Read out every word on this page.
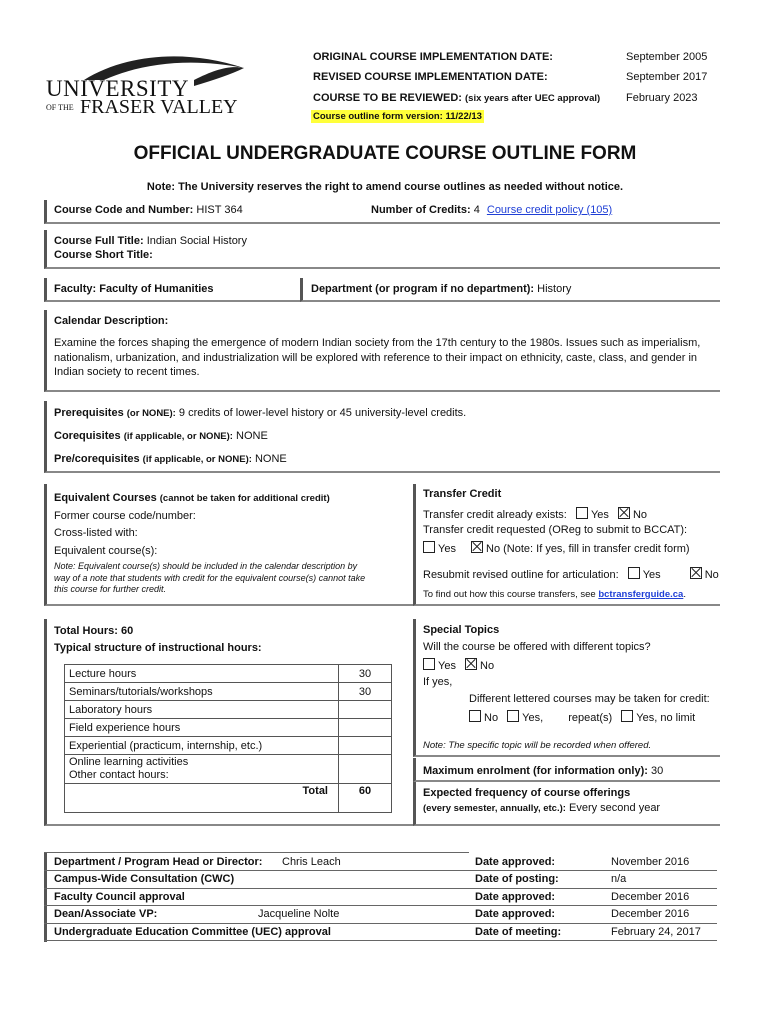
UNIVERSITY
OF THE FRASER VALLEY
ORIGINAL COURSE IMPLEMENTATION DATE:	September 2005
REVISED COURSE IMPLEMENTATION DATE:	September 2017
COURSE TO BE REVIEWED: (six years after UEC approval) February 2023
Course outline form version: 11/22/13
OFFICIAL UNDERGRADUATE COURSE OUTLINE FORM
Note: The University reserves the right to amend course outlines as needed without notice.
Course Code and Number: HIST 364	Number of Credits: 4 Course credit policy (105)
Course Full Title: Indian Social History
Course Short Title:
Faculty: Faculty of Humanities	Department (or program if no department): History
Calendar Description:
Examine the forces shaping the emergence of modern Indian society from the 17th century to the 1980s. Issues such as imperialism,
nationalism, urbanization, and industrialization will be explored with reference to their impact on ethnicity, caste, class, and gender in
Indian society to recent times.
Prerequisites (or NONE): 9 credits of lower-level history or 45 university-level credits.
Corequisites (if applicable, or NONE): NONE
Pre/corequisites (if applicable, or NONE): NONE
Equivalent Courses (cannot be taken for additional credit)
Former course code/number:
Cross-listed with:
Equivalent course(s):
Note: Equivalent course(s) should be included in the calendar description by
way of a note that students with credit for the equivalent course(s) cannot take
this course for further credit.
Transfer Credit
Transfer credit already exists: Yes No
Transfer credit requested (OReg to submit to BCCAT):
Yes	No (Note: If yes, fill in transfer credit form)
Resubmit revised outline for articulation: Yes	No
To find out how this course transfers, see bctransferguide.ca.
Total Hours: 60
Typical structure of instructional hours:
Lecture hours	30
Seminars/tutorials/workshops	30
Laboratory hours	
Field experience hours	
Experiential (practicum, internship, etc.)	

Online learning activities
Other contact hours:	

Total	60
Special Topics
Will the course be offered with different topics?
Yes No
If yes,
Different lettered courses may be taken for credit:
No Yes, repeat(s) Yes, no limit
Note: The specific topic will be recorded when offered.
Maximum enrolment (for information only): 30
Expected frequency of course offerings
(every semester, annually, etc.): Every second year
Department / Program Head or Director: Chris Leach	Date approved:	November 2016
Campus-Wide Consultation (CWC)	Date of posting:	n/a
Faculty Council approval	Date approved:	December 2016
Dean/Associate VP:	Jacqueline Nolte	Date approved:	December 2016
Undergraduate Education Committee (UEC) approval	Date of meeting:	February 24, 2017
